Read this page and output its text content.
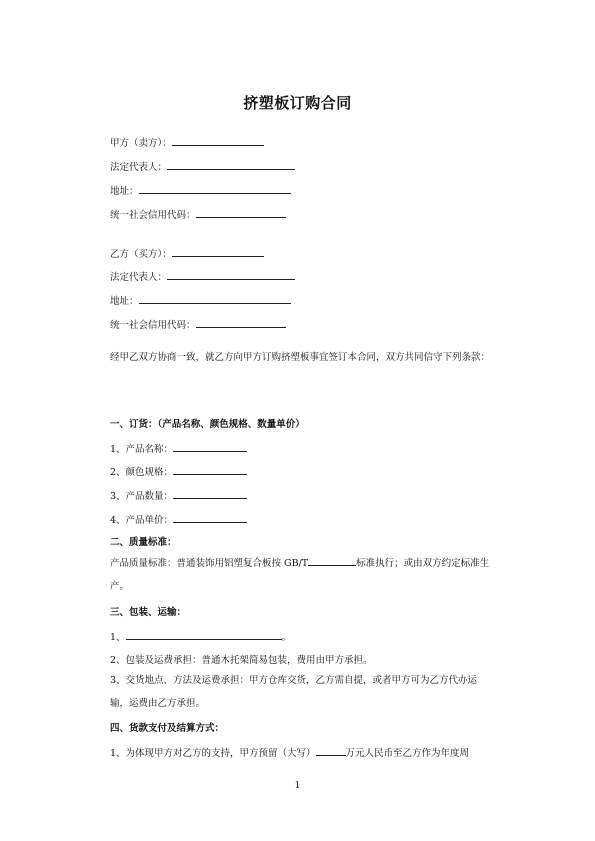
挤塑板订购合同
甲方（卖方）：
法定代表人：
地址：
统一社会信用代码：
乙方（买方）：
法定代表人：
地址：
统一社会信用代码：
经甲乙双方协商一致，就乙方向甲方订购挤塑板事宜签订本合同，双方共同信守下列条款：
一、订货：（产品名称、颜色规格、数量单价）
1、产品名称：
2、颜色规格：
3、产品数量：
4、产品单价：
二、质量标准：
产品质量标准：普通装饰用铝塑复合板按 GB/T	标准执行；或由双方约定标准生产。
三、包装、运输：
1、	。
2、包装及运费承担：普通木托架简易包装，费用由甲方承担。
3、交货地点、方法及运费承担：甲方仓库交货，乙方需自提，或者甲方可为乙方代办运输，运费由乙方承担。
四、货款支付及结算方式：
1、为体现甲方对乙方的支持，甲方预留（大写）	万元人民币至乙方作为年度周
1
